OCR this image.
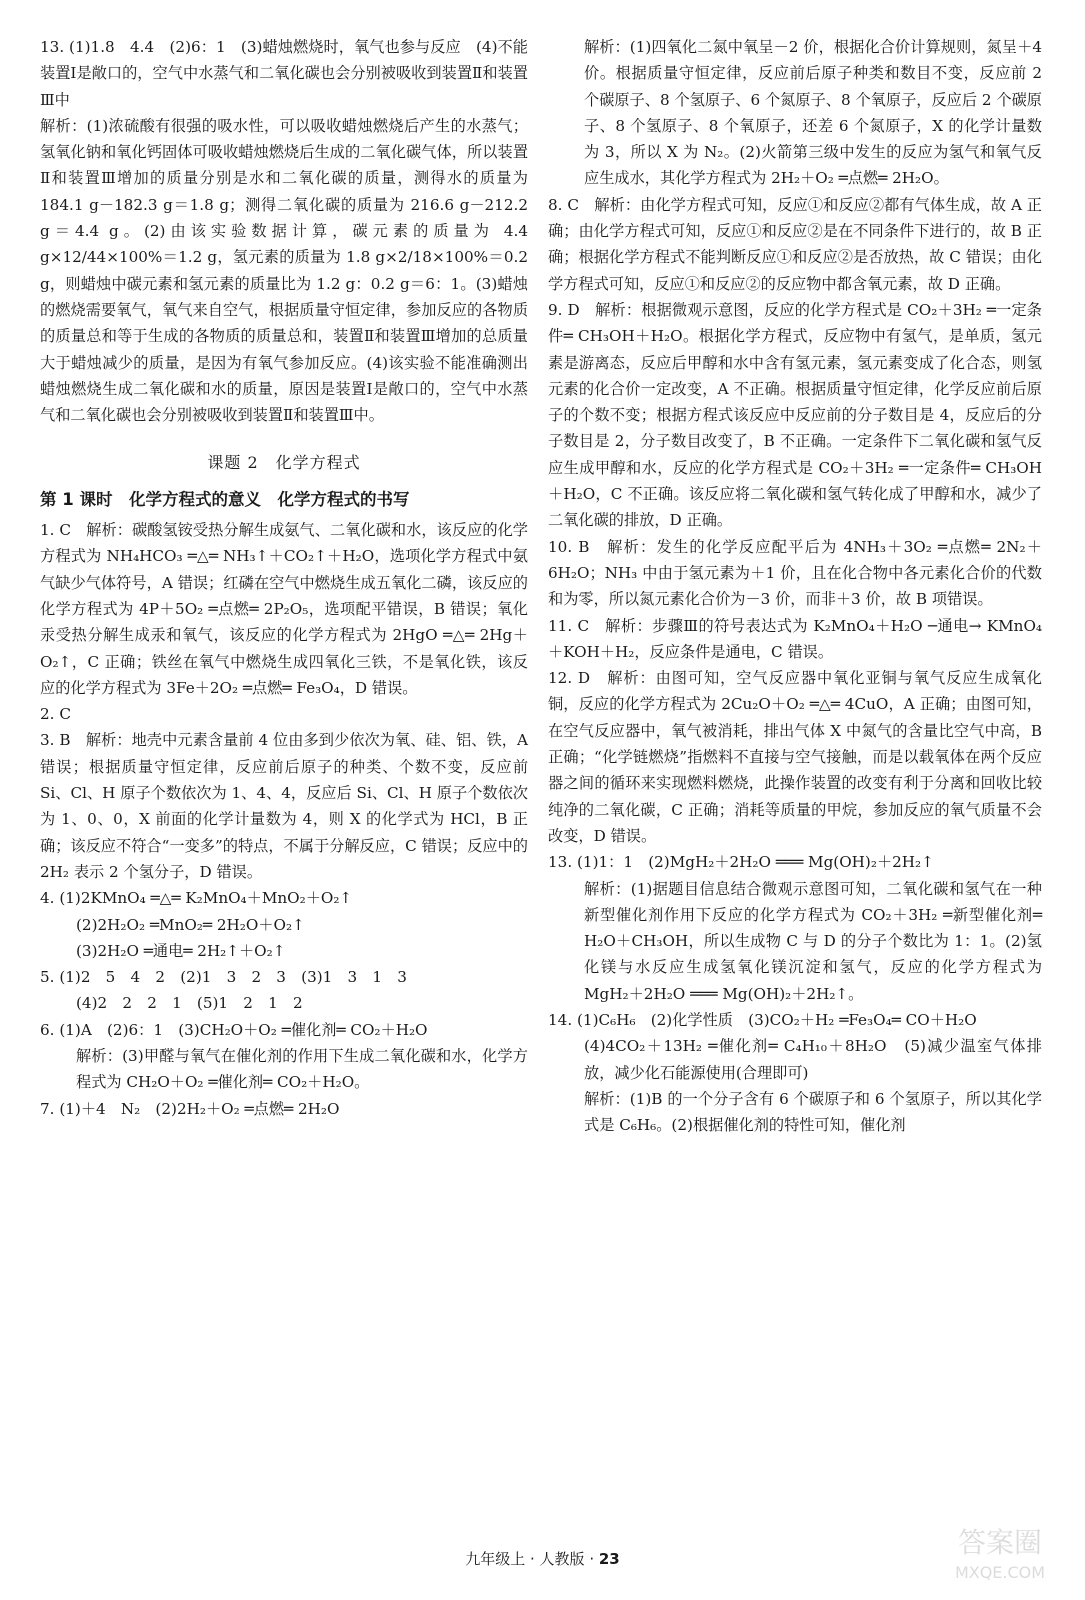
13. (1)1.8　4.4　(2)6：1　(3)蜡烛燃烧时，氧气也参与反应　(4)不能　装置Ⅰ是敞口的，空气中水蒸气和二氧化碳也会分别被吸收到装置Ⅱ和装置Ⅲ中

解析：(1)浓硫酸有很强的吸水性，可以吸收蜡烛燃烧后产生的水蒸气；氢氧化钠和氧化钙固体可吸收蜡烛燃烧后生成的二氧化碳气体，所以装置Ⅱ和装置Ⅲ增加的质量分别是水和二氧化碳的质量，测得水的质量为 184.1 g－182.3 g＝1.8 g；测得二氧化碳的质量为 216.6 g－212.2 g＝4.4 g。(2)由该实验数据计算，碳元素的质量为 4.4 g×12/44×100%＝1.2 g，氢元素的质量为 1.8 g×2/18×100%＝0.2 g，则蜡烛中碳元素和氢元素的质量比为 1.2 g：0.2 g＝6：1。(3)蜡烛的燃烧需要氧气，氧气来自空气，根据质量守恒定律，参加反应的各物质的质量总和等于生成的各物质的质量总和，装置Ⅱ和装置Ⅲ增加的总质量大于蜡烛减少的质量，是因为有氧气参加反应。(4)该实验不能准确测出蜡烛燃烧生成二氧化碳和水的质量，原因是装置Ⅰ是敞口的，空气中水蒸气和二氧化碳也会分别被吸收到装置Ⅱ和装置Ⅲ中。

课题 2　化学方程式

第 1 课时　化学方程式的意义　化学方程式的书写

1. C　解析：碳酸氢铵受热分解生成氨气、二氧化碳和水，该反应的化学方程式为 NH₄HCO₃ ═△═ NH₃↑＋CO₂↑＋H₂O，选项化学方程式中氨气缺少气体符号，A 错误；红磷在空气中燃烧生成五氧化二磷，该反应的化学方程式为 4P＋5O₂ ═点燃═ 2P₂O₅，选项配平错误，B 错误；氧化汞受热分解生成汞和氧气，该反应的化学方程式为 2HgO ═△═ 2Hg＋O₂↑，C 正确；铁丝在氧气中燃烧生成四氧化三铁，不是氧化铁，该反应的化学方程式为 3Fe＋2O₂ ═点燃═ Fe₃O₄，D 错误。

2. C

3. B　解析：地壳中元素含量前 4 位由多到少依次为氧、硅、铝、铁，A 错误；根据质量守恒定律，反应前后原子的种类、个数不变，反应前 Si、Cl、H 原子个数依次为 1、4、4，反应后 Si、Cl、H 原子个数依次为 1、0、0，X 前面的化学计量数为 4，则 X 的化学式为 HCl，B 正确；该反应不符合“一变多”的特点，不属于分解反应，C 错误；反应中的 2H₂ 表示 2 个氢分子，D 错误。

4. (1)2KMnO₄ ═△═ K₂MnO₄＋MnO₂＋O₂↑

(2)2H₂O₂ ═MnO₂═ 2H₂O＋O₂↑

(3)2H₂O ═通电═ 2H₂↑＋O₂↑

5. (1)2　5　4　2　(2)1　3　2　3　(3)1　3　1　3

(4)2　2　2　1　(5)1　2　1　2

6. (1)A　(2)6：1　(3)CH₂O＋O₂ ═催化剂═ CO₂＋H₂O

解析：(3)甲醛与氧气在催化剂的作用下生成二氧化碳和水，化学方程式为 CH₂O＋O₂ ═催化剂═ CO₂＋H₂O。

7. (1)＋4　N₂　(2)2H₂＋O₂ ═点燃═ 2H₂O

解析：(1)四氧化二氮中氧呈－2 价，根据化合价计算规则，氮呈＋4 价。根据质量守恒定律，反应前后原子种类和数目不变，反应前 2 个碳原子、8 个氢原子、6 个氮原子、8 个氧原子，反应后 2 个碳原子、8 个氢原子、8 个氧原子，还差 6 个氮原子，X 的化学计量数为 3，所以 X 为 N₂。(2)火箭第三级中发生的反应为氢气和氧气反应生成水，其化学方程式为 2H₂＋O₂ ═点燃═ 2H₂O。

8. C　解析：由化学方程式可知，反应①和反应②都有气体生成，故 A 正确；由化学方程式可知，反应①和反应②是在不同条件下进行的，故 B 正确；根据化学方程式不能判断反应①和反应②是否放热，故 C 错误；由化学方程式可知，反应①和反应②的反应物中都含氧元素，故 D 正确。

9. D　解析：根据微观示意图，反应的化学方程式是 CO₂＋3H₂ ═一定条件═ CH₃OH＋H₂O。根据化学方程式，反应物中有氢气，是单质，氢元素是游离态，反应后甲醇和水中含有氢元素，氢元素变成了化合态，则氢元素的化合价一定改变，A 不正确。根据质量守恒定律，化学反应前后原子的个数不变；根据方程式该反应中反应前的分子数目是 4，反应后的分子数目是 2，分子数目改变了，B 不正确。一定条件下二氧化碳和氢气反应生成甲醇和水，反应的化学方程式是 CO₂＋3H₂ ═一定条件═ CH₃OH＋H₂O，C 不正确。该反应将二氧化碳和氢气转化成了甲醇和水，减少了二氧化碳的排放，D 正确。

10. B　解析：发生的化学反应配平后为 4NH₃＋3O₂ ═点燃═ 2N₂＋6H₂O；NH₃ 中由于氢元素为＋1 价，且在化合物中各元素化合价的代数和为零，所以氮元素化合价为－3 价，而非＋3 价，故 B 项错误。

11. C　解析：步骤Ⅲ的符号表达式为 K₂MnO₄＋H₂O ─通电→ KMnO₄＋KOH＋H₂，反应条件是通电，C 错误。

12. D　解析：由图可知，空气反应器中氧化亚铜与氧气反应生成氧化铜，反应的化学方程式为 2Cu₂O＋O₂ ═△═ 4CuO，A 正确；由图可知，在空气反应器中，氧气被消耗，排出气体 X 中氮气的含量比空气中高，B 正确；“化学链燃烧”指燃料不直接与空气接触，而是以载氧体在两个反应器之间的循环来实现燃料燃烧，此操作装置的改变有利于分离和回收比较纯净的二氧化碳，C 正确；消耗等质量的甲烷，参加反应的氧气质量不会改变，D 错误。

13. (1)1：1　(2)MgH₂＋2H₂O ═══ Mg(OH)₂＋2H₂↑

解析：(1)据题目信息结合微观示意图可知，二氧化碳和氢气在一种新型催化剂作用下反应的化学方程式为 CO₂＋3H₂ ═新型催化剂═ H₂O＋CH₃OH，所以生成物 C 与 D 的分子个数比为 1：1。(2)氢化镁与水反应生成氢氧化镁沉淀和氢气，反应的化学方程式为 MgH₂＋2H₂O ═══ Mg(OH)₂＋2H₂↑。

14. (1)C₆H₆　(2)化学性质　(3)CO₂＋H₂ ═Fe₃O₄═ CO＋H₂O

(4)4CO₂＋13H₂ ═催化剂═ C₄H₁₀＋8H₂O　(5)减少温室气体排放，减少化石能源使用(合理即可)

解析：(1)B 的一个分子含有 6 个碳原子和 6 个氢原子，所以其化学式是 C₆H₆。(2)根据催化剂的特性可知，催化剂

九年级上 · 人教版 · 23	答案圈
MXQE.COM
